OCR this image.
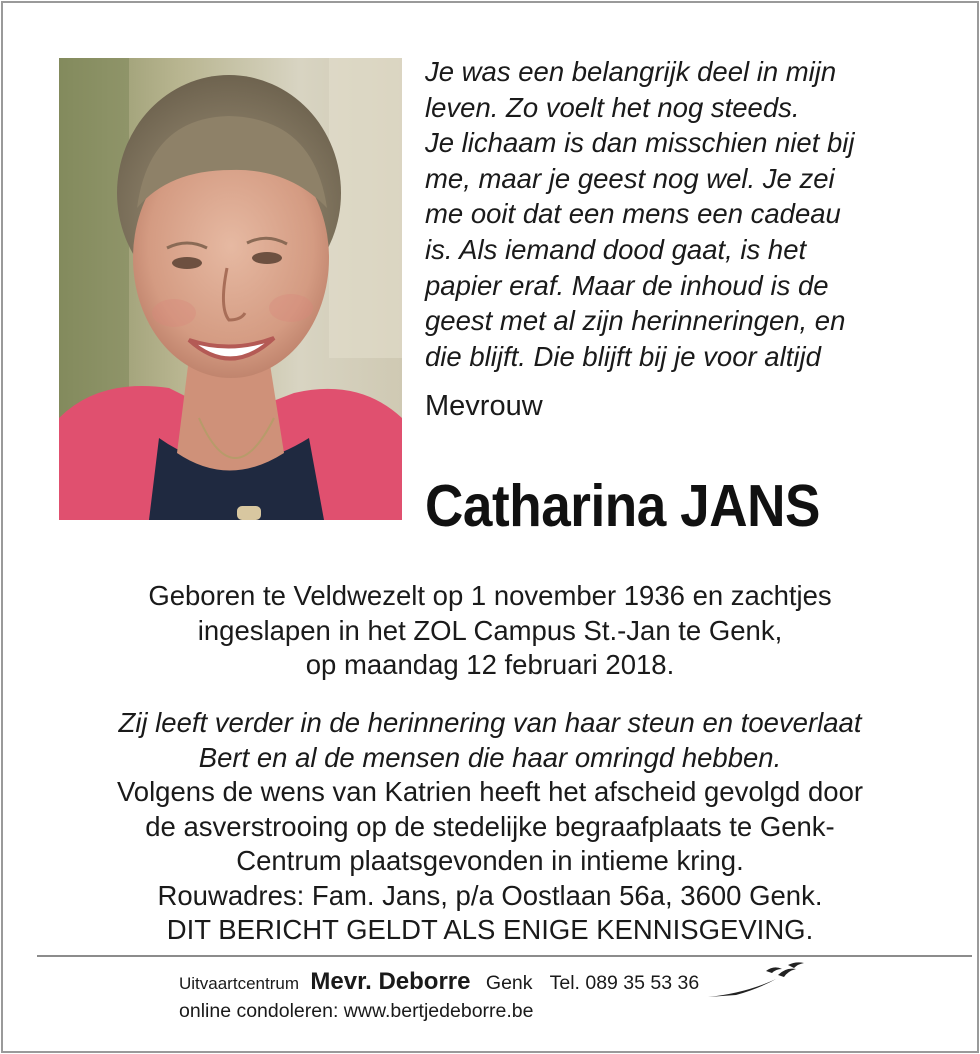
Je was een belangrijk deel in mijn
leven. Zo voelt het nog steeds.
Je lichaam is dan misschien niet bij
me, maar je geest nog wel. Je zei
me ooit dat een mens een cadeau
is. Als iemand dood gaat, is het
papier eraf. Maar de inhoud is de
geest met al zijn herinneringen, en
die blijft. Die blijft bij je voor altijd

Mevrouw

Catharina JANS

Geboren te Veldwezelt op 1 november 1936 en zachtjes
ingeslapen in het ZOL Campus St.-Jan te Genk,
op maandag 12 februari 2018.

Zij leeft verder in de herinnering van haar steun en toeverlaat
Bert en al de mensen die haar omringd hebben.
Volgens de wens van Katrien heeft het afscheid gevolgd door
de asverstrooing op de stedelijke begraafplaats te Genk-
Centrum plaatsgevonden in intieme kring.
Rouwadres: Fam. Jans, p/a Oostlaan 56a, 3600 Genk.
DIT BERICHT GELDT ALS ENIGE KENNISGEVING.
Uitvaartcentrum Mevr. Deborre Genk Tel. 089 35 53 36
online condoleren: www.bertjedeborre.be
